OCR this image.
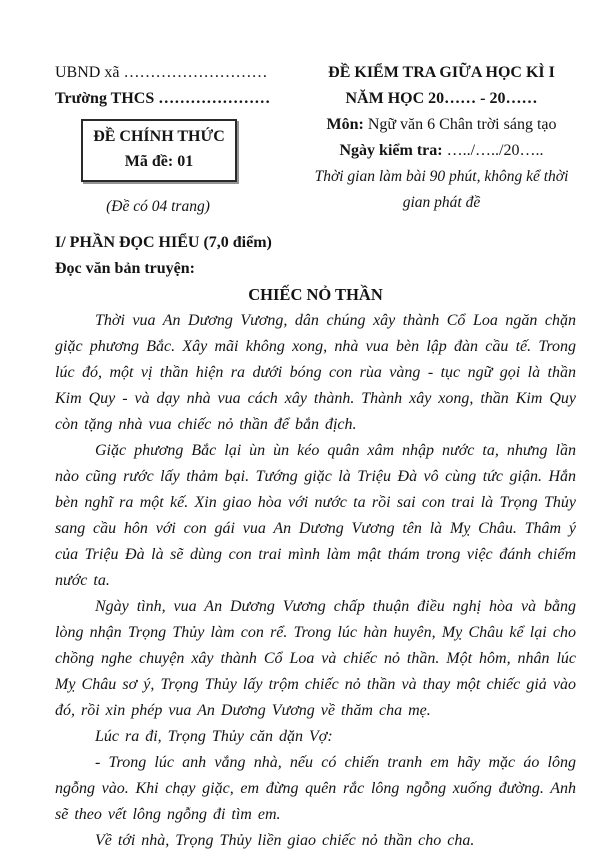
UBND xã ………………………
Trường THCS …………………
ĐỀ CHÍNH THỨC
Mã đề: 01
(Đề có 04 trang)
ĐỀ KIỂM TRA GIỮA HỌC KÌ I
NĂM HỌC 20…… - 20……
Môn: Ngữ văn 6 Chân trời sáng tạo
Ngày kiểm tra: …../…../20…..
Thời gian làm bài 90 phút, không kể thời gian phát đề
I/ PHẦN ĐỌC HIỂU (7,0 điểm)
Đọc văn bản truyện:
CHIẾC NỎ THẦN

Thời vua An Dương Vương, dân chúng xây thành Cổ Loa ngăn chặn giặc phương Bắc. Xây mãi không xong, nhà vua bèn lập đàn cầu tế. Trong lúc đó, một vị thần hiện ra dưới bóng con rùa vàng - tục ngữ gọi là thần Kim Quy - và dạy nhà vua cách xây thành. Thành xây xong, thần Kim Quy còn tặng nhà vua chiếc nỏ thần để bắn địch.

Giặc phương Bắc lại ùn ùn kéo quân xâm nhập nước ta, nhưng lần nào cũng rước lấy thảm bại. Tướng giặc là Triệu Đà vô cùng tức giận. Hắn bèn nghĩ ra một kế. Xin giao hòa với nước ta rồi sai con trai là Trọng Thủy sang cầu hôn với con gái vua An Dương Vương tên là Mỵ Châu. Thâm ý của Triệu Đà là sẽ dùng con trai mình làm mật thám trong việc đánh chiếm nước ta.

Ngày tình, vua An Dương Vương chấp thuận điều nghị hòa và bằng lòng nhận Trọng Thủy làm con rể. Trong lúc hàn huyên, Mỵ Châu kể lại cho chồng nghe chuyện xây thành Cổ Loa và chiếc nỏ thần. Một hôm, nhân lúc Mỵ Châu sơ ý, Trọng Thủy lấy trộm chiếc nỏ thần và thay một chiếc giả vào đó, rồi xin phép vua An Dương Vương về thăm cha mẹ.

Lúc ra đi, Trọng Thủy căn dặn Vợ:

- Trong lúc anh vắng nhà, nếu có chiến tranh em hãy mặc áo lông ngỗng vào. Khi chạy giặc, em đừng quên rắc lông ngỗng xuống đường. Anh sẽ theo vết lông ngỗng đi tìm em.

Về tới nhà, Trọng Thủy liền giao chiếc nỏ thần cho cha.
